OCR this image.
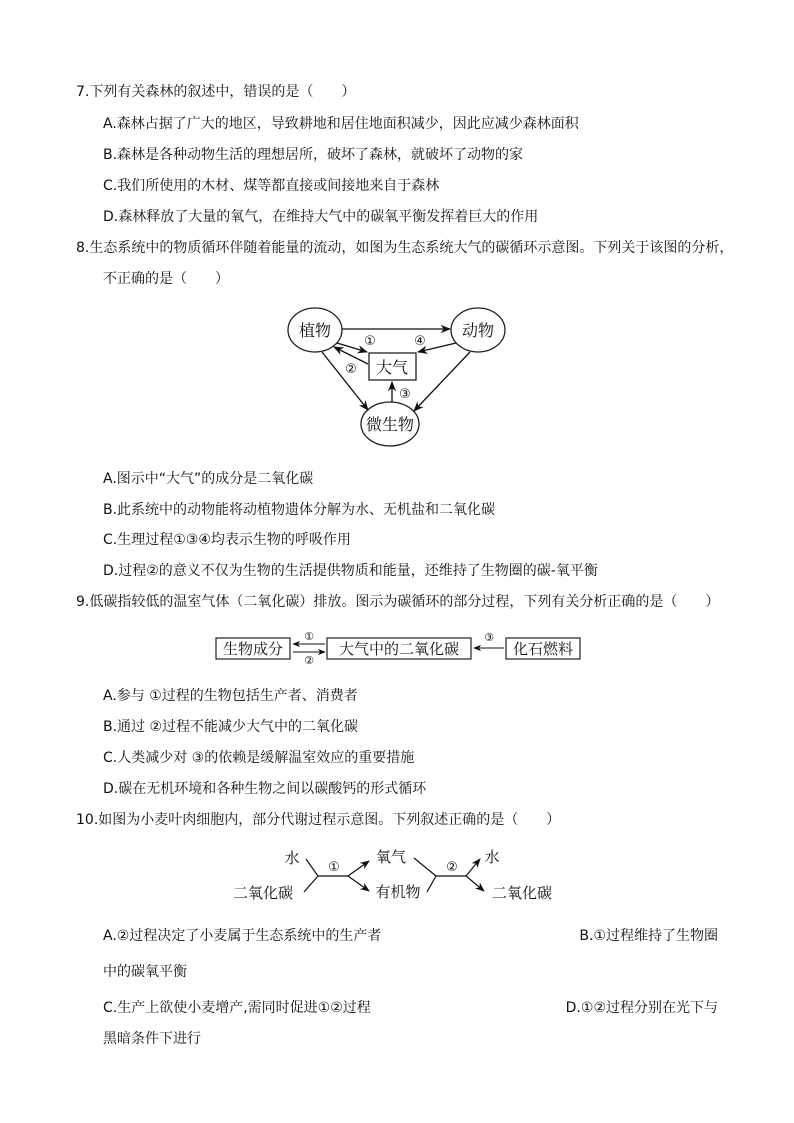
7.下列有关森林的叙述中，错误的是（　　）
A.森林占据了广大的地区，导致耕地和居住地面积减少，因此应减少森林面积
B.森林是各种动物生活的理想居所，破坏了森林，就破坏了动物的家
C.我们所使用的木材、煤等都直接或间接地来自于森林
D.森林释放了大量的氧气，在维持大气中的碳氧平衡发挥着巨大的作用
8.生态系统中的物质循环伴随着能量的流动，如图为生态系统大气的碳循环示意图。下列关于该图的分析，
不正确的是（　　）
植物	动物
微生物
大气
①	④
②
③
生物成分	大气中的二氧化碳	化石燃料
①
②
③
水
二氧化碳
①
氧气
有机物
②
水
二氧化碳
A.图示中“大气”的成分是二氧化碳
B.此系统中的动物能将动植物遗体分解为水、无机盐和二氧化碳
C.生理过程①③④均表示生物的呼吸作用
D.过程②的意义不仅为生物的生活提供物质和能量，还维持了生物圈的碳-氧平衡
9.低碳指较低的温室气体（二氧化碳）排放。图示为碳循环的部分过程，下列有关分析正确的是（　　）
A.参与 ①过程的生物包括生产者、消费者
B.通过 ②过程不能减少大气中的二氧化碳
C.人类减少对 ③的依赖是缓解温室效应的重要措施
D.碳在无机环境和各种生物之间以碳酸钙的形式循环
10.如图为小麦叶肉细胞内，部分代谢过程示意图。下列叙述正确的是（　　）
A.②过程决定了小麦属于生态系统中的生产者	B.①过程维持了生物圈
中的碳氧平衡
C.生产上欲使小麦增产,需同时促进①②过程	D.①②过程分别在光下与
黑暗条件下进行
